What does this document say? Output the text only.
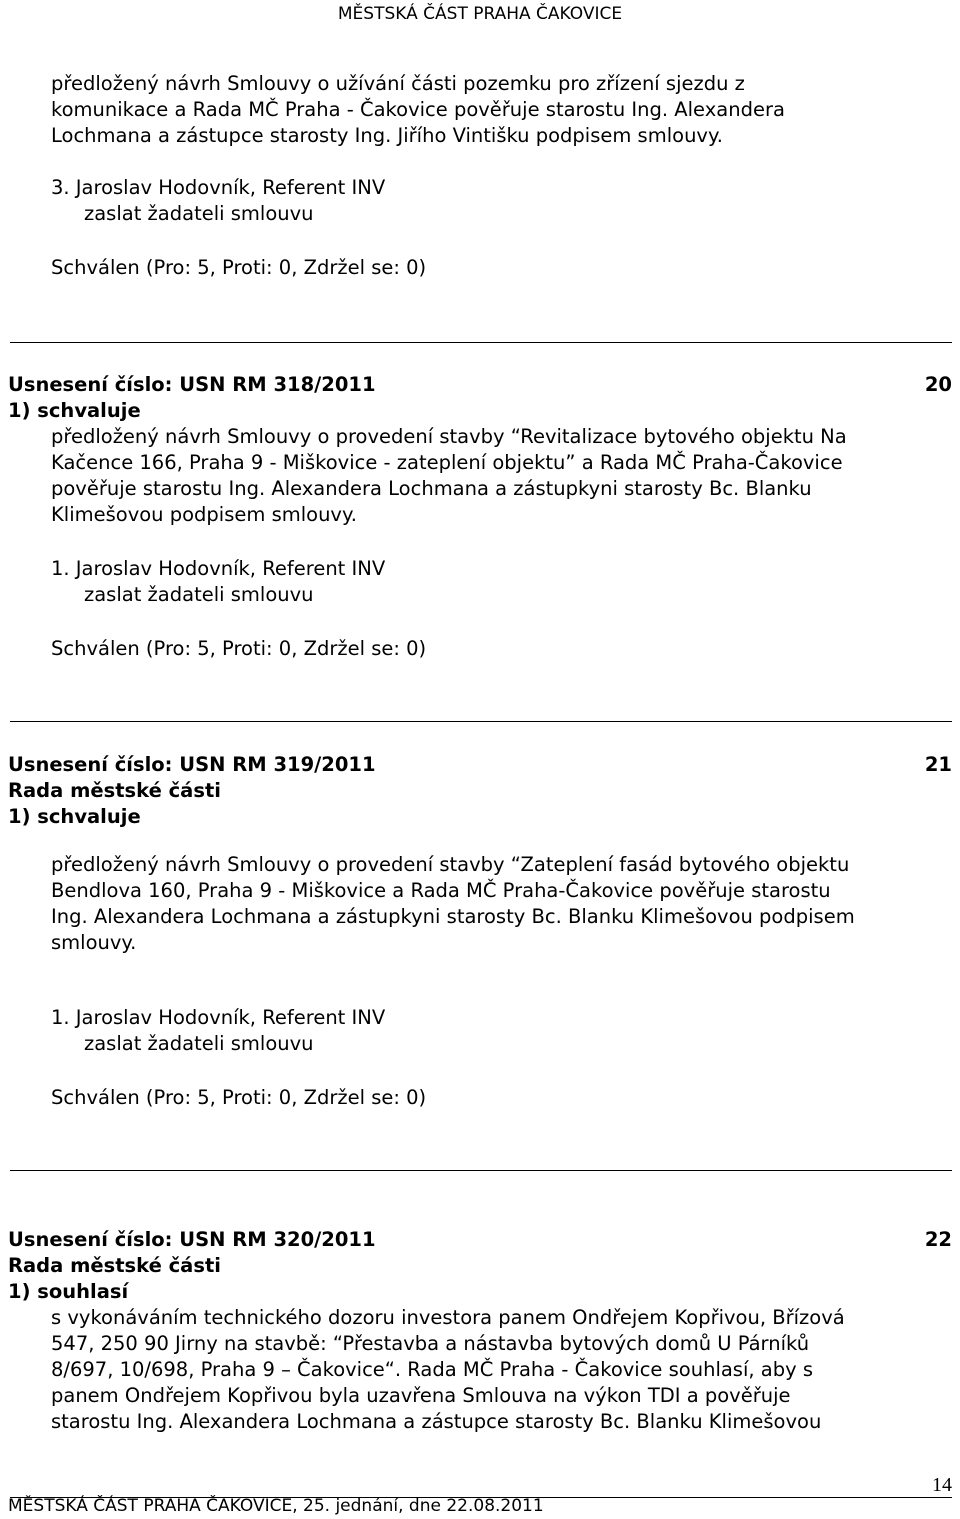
MĚSTSKÁ ČÁST PRAHA ČAKOVICE
předložený návrh Smlouvy o užívání části pozemku pro zřízení sjezdu z
komunikace a Rada MČ Praha - Čakovice pověřuje starostu Ing. Alexandera
Lochmana a zástupce starosty Ing. Jiřího Vintišku podpisem smlouvy.
3. Jaroslav Hodovník, Referent INV
zaslat žadateli smlouvu
Schválen (Pro: 5, Proti: 0, Zdržel se: 0)
Usnesení číslo: USN RM 318/2011	20
1) schvaluje
předložený návrh Smlouvy o provedení stavby “Revitalizace bytového objektu Na
Kačence 166, Praha 9 - Miškovice - zateplení objektu” a Rada MČ Praha-Čakovice
pověřuje starostu Ing. Alexandera Lochmana a zástupkyni starosty Bc. Blanku
Klimešovou podpisem smlouvy.
1. Jaroslav Hodovník, Referent INV
zaslat žadateli smlouvu
Schválen (Pro: 5, Proti: 0, Zdržel se: 0)
Usnesení číslo: USN RM 319/2011	21
Rada městské části
1) schvaluje
předložený návrh Smlouvy o provedení stavby “Zateplení fasád bytového objektu
Bendlova 160, Praha 9 - Miškovice a Rada MČ Praha-Čakovice pověřuje starostu
Ing. Alexandera Lochmana a zástupkyni starosty Bc. Blanku Klimešovou podpisem
smlouvy.
1. Jaroslav Hodovník, Referent INV
zaslat žadateli smlouvu
Schválen (Pro: 5, Proti: 0, Zdržel se: 0)
Usnesení číslo: USN RM 320/2011	22
Rada městské části
1) souhlasí
s vykonáváním technického dozoru investora panem Ondřejem Kopřivou, Břízová
547, 250 90 Jirny na stavbě: “Přestavba a nástavba bytových domů U Párníků
8/697, 10/698, Praha 9 – Čakovice“. Rada MČ Praha - Čakovice souhlasí, aby s
panem Ondřejem Kopřivou byla uzavřena Smlouva na výkon TDI a pověřuje
starostu Ing. Alexandera Lochmana a zástupce starosty Bc. Blanku Klimešovou
14
MĚSTSKÁ ČÁST PRAHA ČAKOVICE, 25. jednání, dne 22.08.2011
